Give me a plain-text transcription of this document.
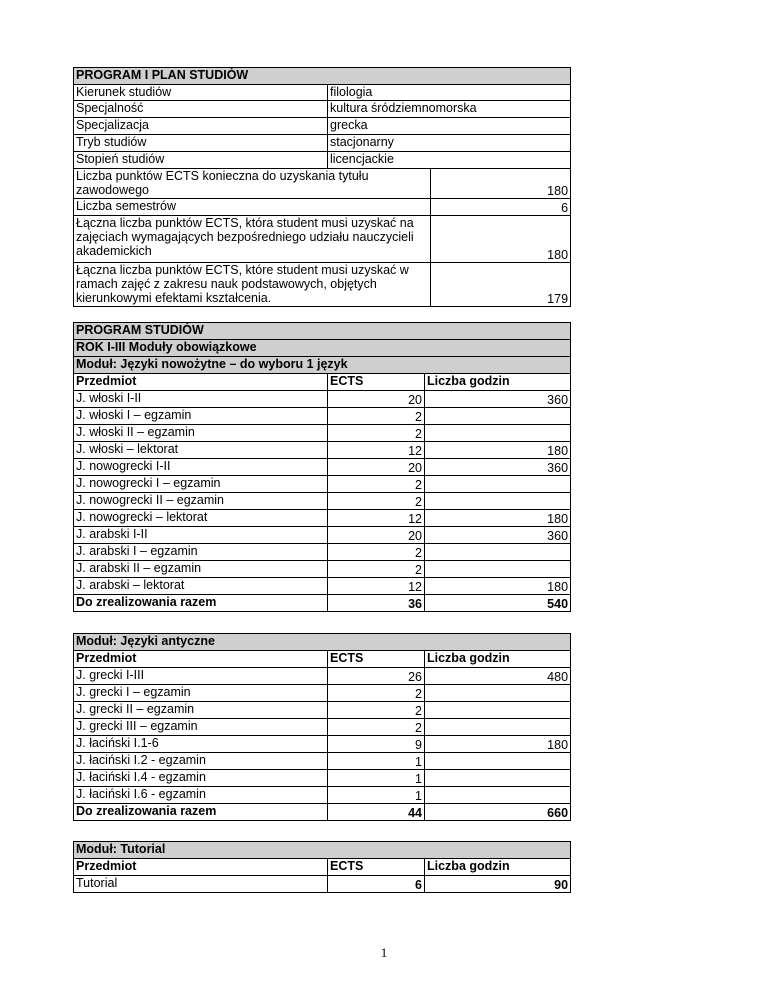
PROGRAM I PLAN STUDIÓW		
Kierunek studiów	filologia	
Specjalność	kultura śródziemnomorska	
Specjalizacja	grecka	
Tryb studiów	stacjonarny	
Stopień studiów	licencjackie	
Liczba punktów ECTS konieczna do uzyskania tytułu zawodowego		180
Liczba semestrów		6
Łączna liczba punktów ECTS, która student musi uzyskać na zajęciach wymagających bezpośredniego udziału nauczycieli akademickich		180
Łączna liczba punktów ECTS, które student musi uzyskać w ramach zajęć z zakresu nauk podstawowych, objętych kierunkowymi efektami kształcenia.		179
PROGRAM STUDIÓW		
ROK I-III Moduły obowiązkowe		
Moduł: Języki nowożytne – do wyboru 1 język		
Przedmiot	ECTS	Liczba godzin
J. włoski I-II	20	360
J. włoski I – egzamin	2	
J. włoski II – egzamin	2	
J. włoski – lektorat	12	180
J. nowogrecki I-II	20	360
J. nowogrecki I – egzamin	2	
J. nowogrecki II – egzamin	2	
J. nowogrecki – lektorat	12	180
J. arabski I-II	20	360
J. arabski I – egzamin	2	
J. arabski II – egzamin	2	
J. arabski – lektorat	12	180
Do zrealizowania razem	36	540
Moduł: Języki antyczne		
Przedmiot	ECTS	Liczba godzin
J. grecki I-III	26	480
J. grecki I – egzamin	2	
J. grecki II – egzamin	2	
J. grecki III – egzamin	2	
J. łaciński I.1-6	9	180
J. łaciński I.2 - egzamin	1	
J. łaciński I.4 - egzamin	1	
J. łaciński I.6 - egzamin	1	
Do zrealizowania razem	44	660
Moduł: Tutorial		
Przedmiot	ECTS	Liczba godzin
Tutorial	6	90
1
